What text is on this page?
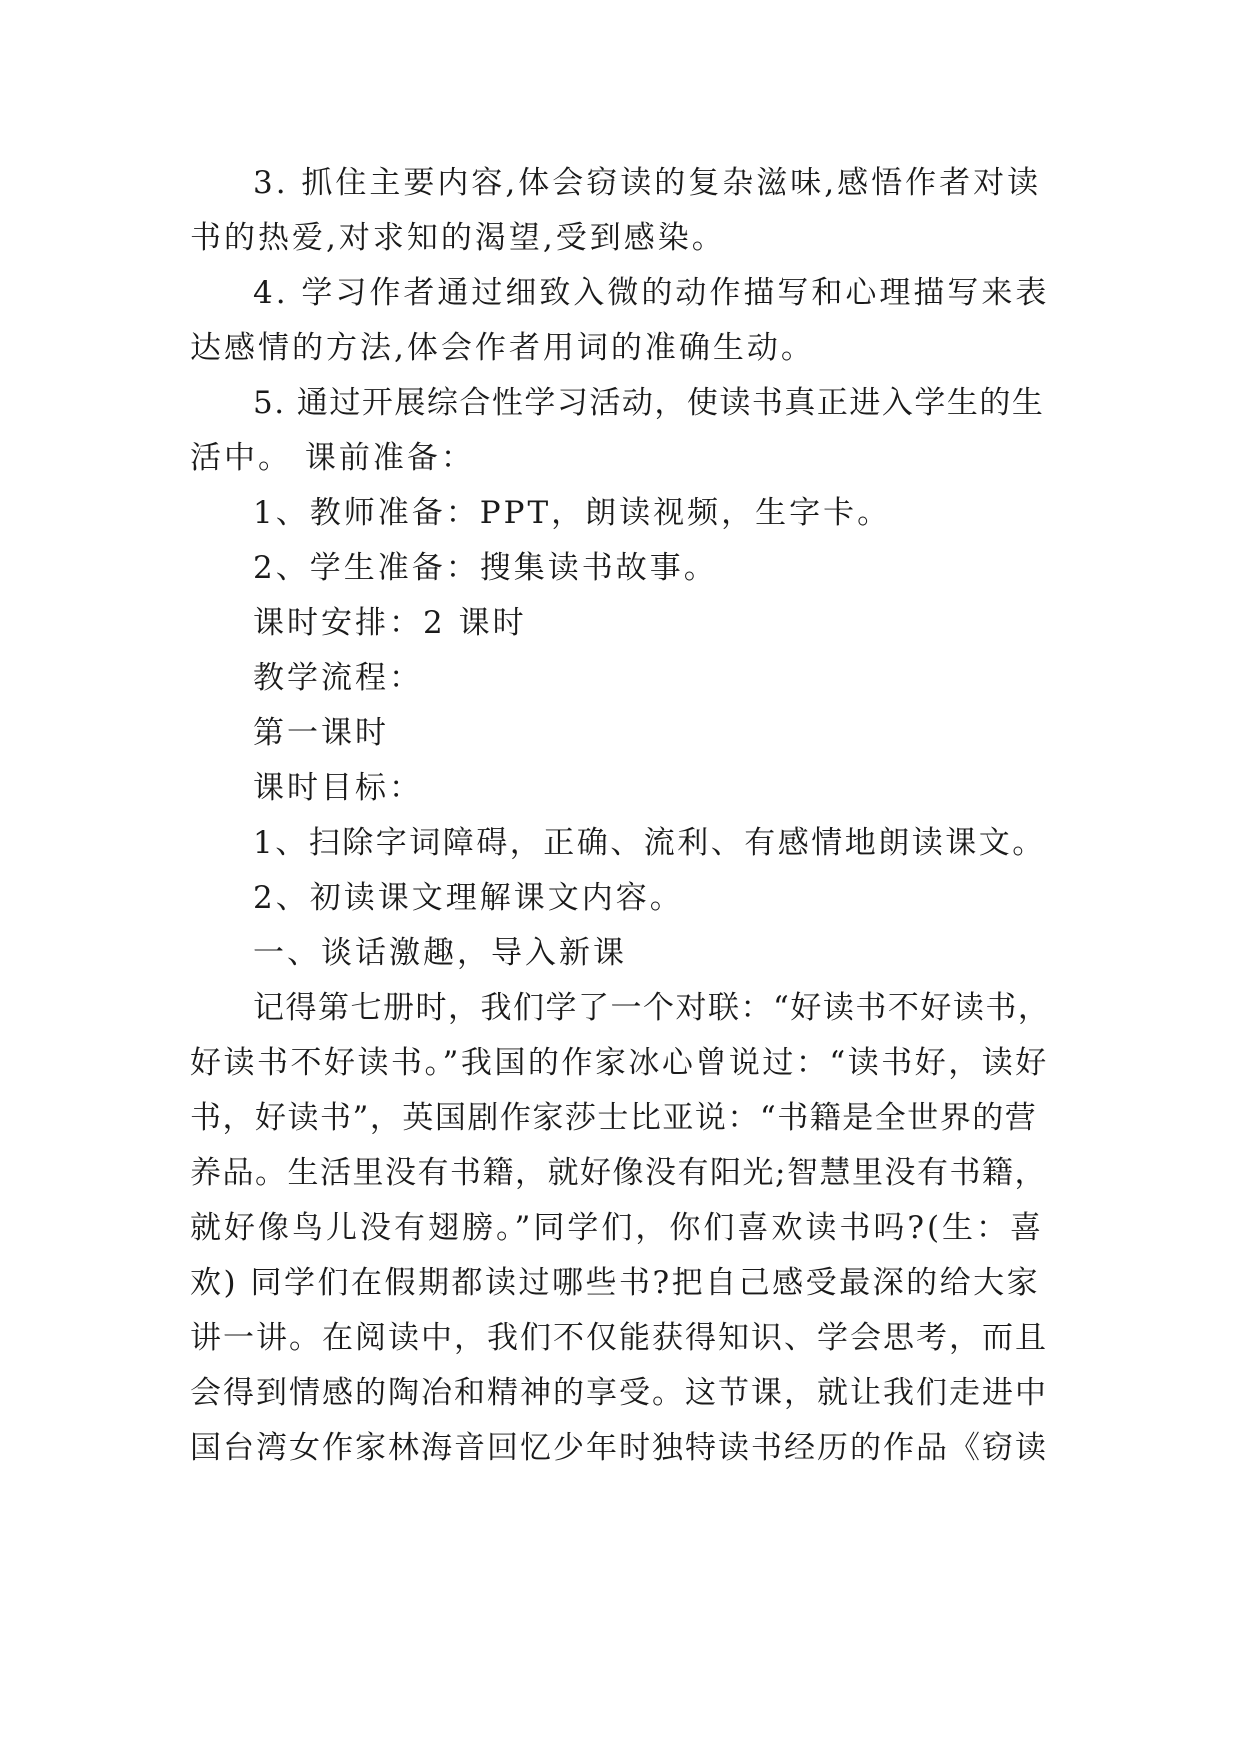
3. 抓住主要内容,体会窃读的复杂滋味,感悟作者对读
书的热爱,对求知的渴望,受到感染。
4. 学习作者通过细致入微的动作描写和心理描写来表
达感情的方法,体会作者用词的准确生动。
5. 通过开展综合性学习活动，使读书真正进入学生的生
活中。 课前准备：
1、教师准备：PPT，朗读视频，生字卡。
2、学生准备：搜集读书故事。
课时安排：2 课时
教学流程：
第一课时
课时目标：
1、扫除字词障碍，正确、流利、有感情地朗读课文。
2、初读课文理解课文内容。
一、谈话激趣，导入新课
记得第七册时，我们学了一个对联：“好读书不好读书，
好读书不好读书。”我国的作家冰心曾说过：“读书好，读好
书，好读书”，英国剧作家莎士比亚说：“书籍是全世界的营
养品。生活里没有书籍，就好像没有阳光;智慧里没有书籍，
就好像鸟儿没有翅膀。”同学们，你们喜欢读书吗?(生：喜
欢) 同学们在假期都读过哪些书?把自己感受最深的给大家
讲一讲。在阅读中，我们不仅能获得知识、学会思考，而且
会得到情感的陶冶和精神的享受。这节课，就让我们走进中
国台湾女作家林海音回忆少年时独特读书经历的作品《窃读
